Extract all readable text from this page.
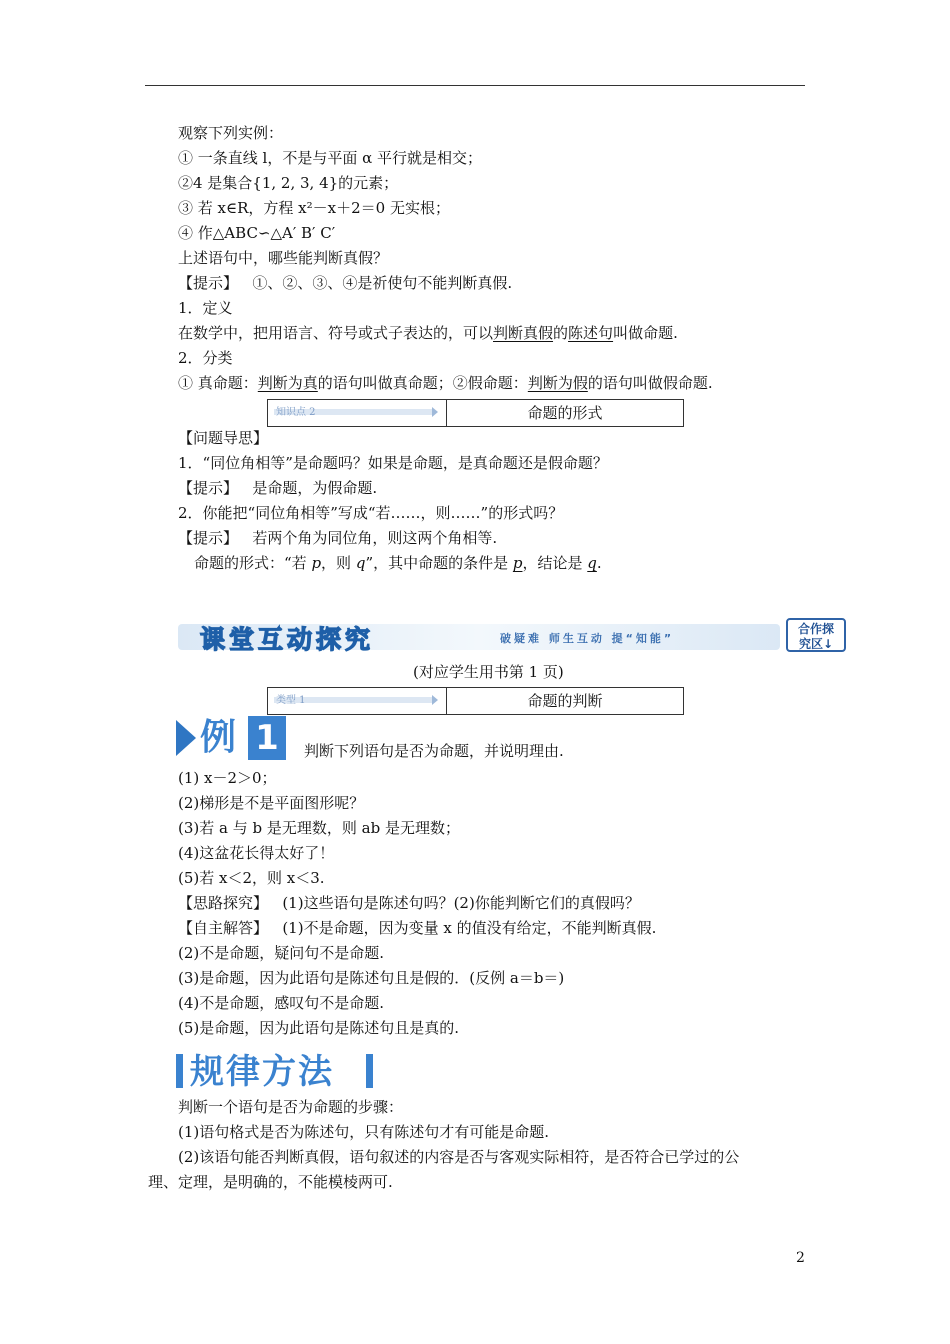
观察下列实例：
① 一条直线 l，不是与平面 α 平行就是相交；
②4 是集合{1, 2, 3, 4}的元素；
③ 若 x∈R，方程 x²－x＋2＝0 无实根；
④ 作△ABC∽△A′ B′ C′
上述语句中，哪些能判断真假？
【提示】 ①、②、③、④是祈使句不能判断真假.
1．定义
在数学中，把用语言、符号或式子表达的，可以判断真假的陈述句叫做命题.
2．分类
① 真命题：判断为真的语句叫做真命题；②假命题：判断为假的语句叫做假命题.
知识点 2	命题的形式
【问题导思】
1．“同位角相等”是命题吗？如果是命题，是真命题还是假命题？
【提示】 是命题，为假命题.
2．你能把“同位角相等”写成“若……，则……”的形式吗？
【提示】 若两个角为同位角，则这两个角相等.
命题的形式：“若 p，则 q”，其中命题的条件是 p，结论是 q.
课堂互动探究	破疑难 师生互动 提“知能”
合作探
究区↓
(对应学生用书第 1 页)
类型 1	命题的判断
例 1	判断下列语句是否为命题，并说明理由.
(1) x－2＞0；
(2)梯形是不是平面图形呢？
(3)若 a 与 b 是无理数，则 ab 是无理数；
(4)这盆花长得太好了！
(5)若 x＜2，则 x＜3.
【思路探究】 (1)这些语句是陈述句吗？(2)你能判断它们的真假吗？
【自主解答】 (1)不是命题，因为变量 x 的值没有给定，不能判断真假.
(2)不是命题，疑问句不是命题.
(3)是命题，因为此语句是陈述句且是假的．(反例 a＝b＝)
(4)不是命题，感叹句不是命题.
(5)是命题，因为此语句是陈述句且是真的.
规律方法
判断一个语句是否为命题的步骤：
(1)语句格式是否为陈述句，只有陈述句才有可能是命题.
(2)该语句能否判断真假，语句叙述的内容是否与客观实际相符，是否符合已学过的公
理、定理，是明确的，不能模棱两可.
2
